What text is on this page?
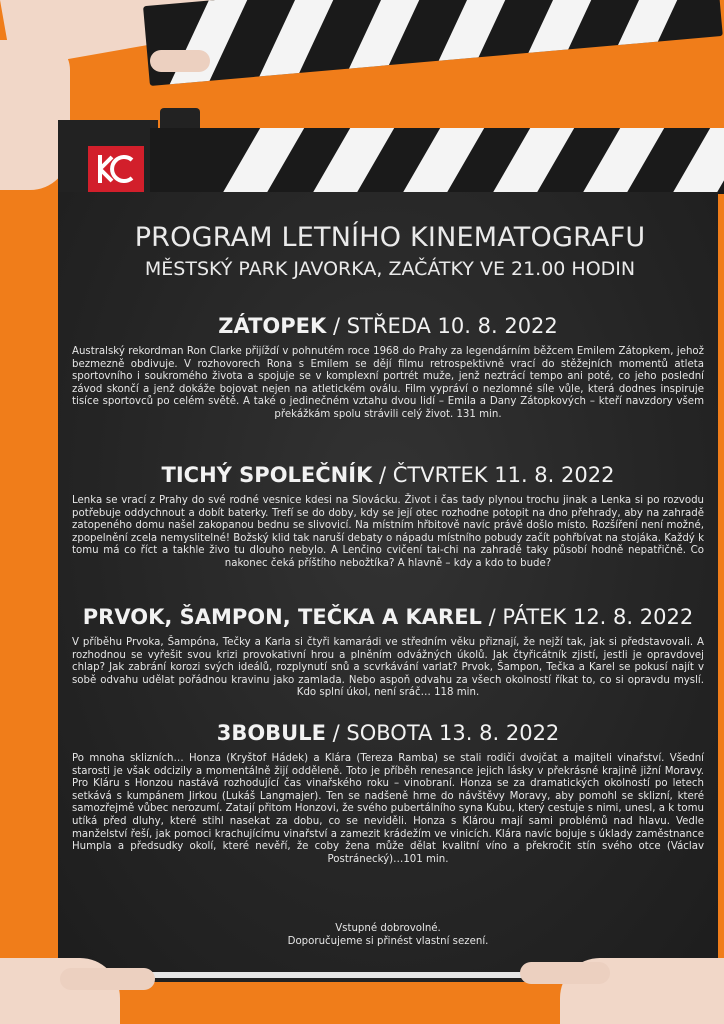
PROGRAM LETNÍHO KINEMATOGRAFU
MĚSTSKÝ PARK JAVORKA, ZAČÁTKY VE 21.00 HODIN
ZÁTOPEK / STŘEDA 10. 8. 2022

Australský rekordman Ron Clarke přijíždí v pohnutém roce 1968 do Prahy za legendárním běžcem Emilem Zátopkem, jehož bezmezně obdivuje. V rozhovorech Rona s Emilem se dějí filmu retrospektivně vrací do stěžejních momentů atleta sportovního i soukromého života a spojuje se v komplexní portrét muže, jenž neztrácí tempo ani poté, co jeho poslední závod skončí a jenž dokáže bojovat nejen na atletickém oválu. Film vypráví o nezlomné síle vůle, která dodnes inspiruje tisíce sportovců po celém světě. A také o jedinečném vztahu dvou lidí – Emila a Dany Zátopkových – kteří navzdory všem překážkám spolu strávili celý život. 131 min.

TICHÝ SPOLEČNÍK / ČTVRTEK 11. 8. 2022

Lenka se vrací z Prahy do své rodné vesnice kdesi na Slovácku. Život i čas tady plynou trochu jinak a Lenka si po rozvodu potřebuje oddychnout a dobít baterky. Trefí se do doby, kdy se její otec rozhodne potopit na dno přehrady, aby na zahradě zatopeného domu našel zakopanou bednu se slivovicí. Na místním hřbitově navíc právě došlo místo. Rozšíření není možné, zpopelnění zcela nemyslitelné! Božský klid tak naruší debaty o nápadu místního pobudy začít pohřbívat na stojáka. Každý k tomu má co říct a takhle živo tu dlouho nebylo. A Lenčino cvičení tai-chi na zahradě taky působí hodně nepatřičně. Co nakonec čeká příštího nebožtíka? A hlavně – kdy a kdo to bude?

PRVOK, ŠAMPON, TEČKA A KAREL / PÁTEK 12. 8. 2022

V příběhu Prvoka, Šampóna, Tečky a Karla si čtyři kamarádi ve středním věku přiznají, že nejží tak, jak si představovali. A rozhodnou se vyřešit svou krizi provokativní hrou a plněním odvážných úkolů. Jak čtyřicátník zjistí, jestli je opravdovej chlap? Jak zabrání korozi svých ideálů, rozplynutí snů a scvrkávání varlat? Prvok, Šampon, Tečka a Karel se pokusí najít v sobě odvahu udělat pořádnou kravinu jako zamlada. Nebo aspoň odvahu za všech okolností říkat to, co si opravdu myslí. Kdo splní úkol, není sráč… 118 min.

3BOBULE / SOBOTA 13. 8. 2022

Po mnoha sklizních… Honza (Kryštof Hádek) a Klára (Tereza Ramba) se stali rodiči dvojčat a majiteli vinařství. Všední starosti je však odcizily a momentálně žijí odděleně. Toto je příběh renesance jejich lásky v překrásné krajině jižní Moravy. Pro Kláru s Honzou nastává rozhodující čas vinařského roku – vinobraní. Honza se za dramatických okolností po letech setkává s kumpánem Jirkou (Lukáš Langmajer). Ten se nadšeně hrne do návštěvy Moravy, aby pomohl se sklizní, které samozřejmě vůbec nerozumí. Zatají přitom Honzovi, že svého pubertálního syna Kubu, který cestuje s nimi, unesl, a k tomu utíká před dluhy, které stihl nasekat za dobu, co se neviděli. Honza s Klárou mají sami problémů nad hlavu. Vedle manželství řeší, jak pomoci krachujícímu vinařství a zamezit krádežím ve vinicích. Klára navíc bojuje s úklady zaměstnance Humpla a předsudky okolí, které nevěří, že coby žena může dělat kvalitní víno a překročit stín svého otce (Václav Postránecký)…101 min.

Vstupné dobrovolné.
Doporučujeme si přinést vlastní sezení.
